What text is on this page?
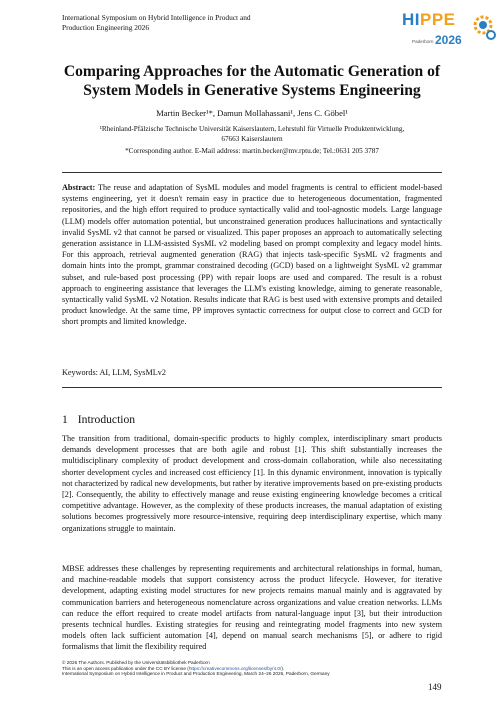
International Symposium on Hybrid Intelligence in Product and
Production Engineering 2026	HIPPE
Paderborn 2026
Comparing Approaches for the Automatic Generation of
System Models in Generative Systems Engineering
Martin Becker¹*, Damun Mollahassani¹, Jens C. Göbel¹
¹Rheinland-Pfälzische Technische Universität Kaiserslautern, Lehrstuhl für Virtuelle Produktentwicklung,
67663 Kaiserslautern
*Corresponding author. E-Mail address: martin.becker@mv.rptu.de; Tel.:0631 205 3787
Abstract: The reuse and adaptation of SysML modules and model fragments is central to efficient model-based systems engineering, yet it doesn't remain easy in practice due to heterogeneous documentation, fragmented repositories, and the high effort required to produce syntactically valid and tool-agnostic models. Large language (LLM) models offer automation potential, but unconstrained generation produces hallucinations and syntactically invalid SysML v2 that cannot be parsed or visualized. This paper proposes an approach to automatically selecting generation assistance in LLM-assisted SysML v2 modeling based on prompt complexity and legacy model hints. For this approach, retrieval augmented generation (RAG) that injects task-specific SysML v2 fragments and domain hints into the prompt, grammar constrained decoding (GCD) based on a lightweight SysML v2 grammar subset, and rule-based post processing (PP) with repair loops are used and compared. The result is a robust approach to engineering assistance that leverages the LLM's existing knowledge, aiming to generate reasonable, syntactically valid SysML v2 Notation. Results indicate that RAG is best used with extensive prompts and detailed product knowledge. At the same time, PP improves syntactic correctness for output close to correct and GCD for short prompts and limited knowledge.
Keywords: AI, LLM, SysMLv2
1 Introduction
The transition from traditional, domain-specific products to highly complex, interdisciplinary smart products demands development processes that are both agile and robust [1]. This shift substantially increases the multidisciplinary complexity of product development and cross-domain collaboration, while also necessitating shorter development cycles and increased cost efficiency [1]. In this dynamic environment, innovation is typically not characterized by radical new developments, but rather by iterative improvements based on pre-existing products [2]. Consequently, the ability to effectively manage and reuse existing engineering knowledge becomes a critical competitive advantage. However, as the complexity of these products increases, the manual adaptation of existing solutions becomes progressively more resource-intensive, requiring deep interdisciplinary expertise, which many organizations struggle to maintain.
MBSE addresses these challenges by representing requirements and architectural relationships in formal, human, and machine-readable models that support consistency across the product lifecycle. However, for iterative development, adapting existing model structures for new projects remains manual mainly and is aggravated by communication barriers and heterogeneous nomenclature across organizations and value creation networks. LLMs can reduce the effort required to create model artifacts from natural-language input [3], but their introduction presents technical hurdles. Existing strategies for reusing and reintegrating model fragments into new system models often lack sufficient automation [4], depend on manual search mechanisms [5], or adhere to rigid formalisms that limit the flexibility required
© 2026 The Authors. Published by the Universitätsbibliothek Paderborn
This is an open access publication under the CC BY license (https://creativecommons.org/licenses/by/4.0/).
International Symposium on Hybrid Intelligence in Product and Production Engineering, March 24–26 2026, Paderborn, Germany
149
